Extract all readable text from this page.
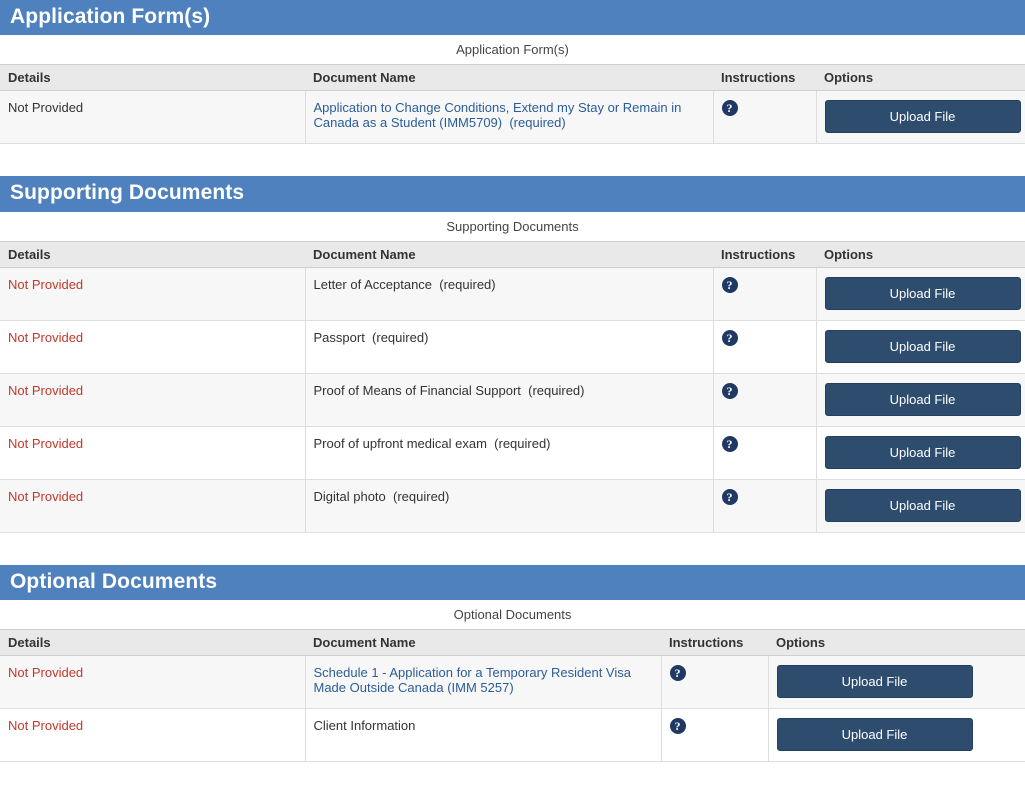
Application Form(s)
Application Form(s)
Details	Document Name	Instructions	Options
Not Provided	Application to Change Conditions, Extend my Stay or Remain in Canada as a Student (IMM5709) (required)	?	Upload File
Supporting Documents
Supporting Documents
Details	Document Name	Instructions	Options
Not Provided	Letter of Acceptance (required)	?	Upload File

Not Provided	Passport (required)	?	Upload File

Not Provided	Proof of Means of Financial Support (required)	?	Upload File

Not Provided	Proof of upfront medical exam (required)	?	Upload File

Not Provided	Digital photo (required)	?	Upload File
Optional Documents
Optional Documents
Details	Document Name	Instructions	Options
Not Provided	Schedule 1 - Application for a Temporary Resident Visa Made Outside Canada (IMM 5257)	?	Upload File

Not Provided	Client Information	?	Upload File
